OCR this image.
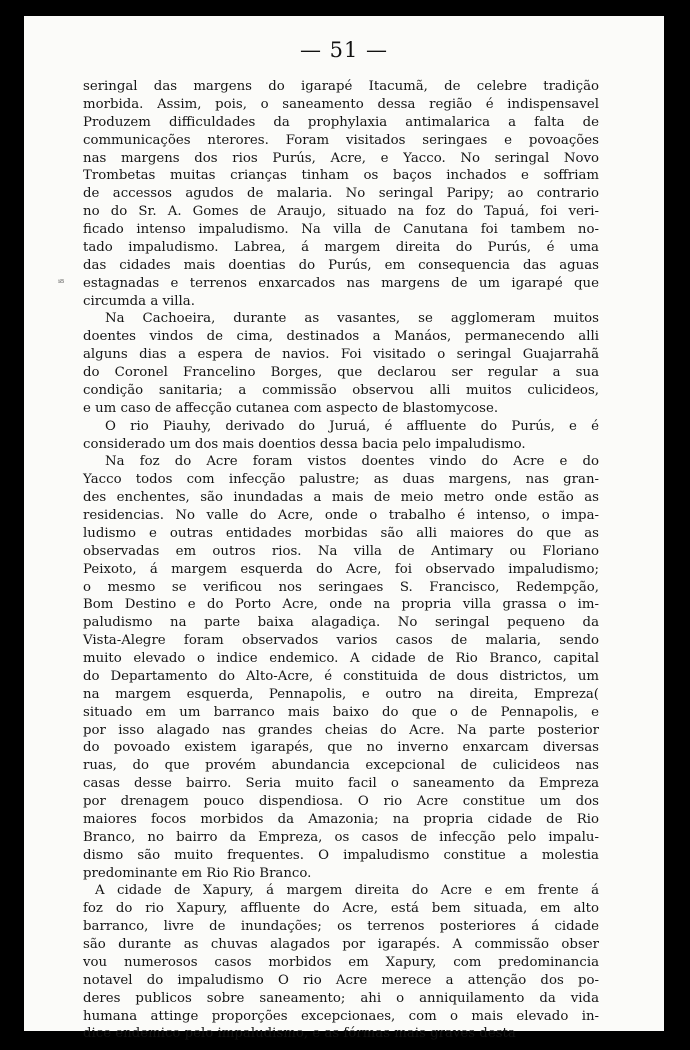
— 51 —
ᵢ₈
seringal das margens do igarapé Itacumã, de celebre tradição
morbida. Assim, pois, o saneamento dessa região é indispensavel
Produzem difficuldades da prophylaxia antimalarica a falta de
communicações nterores. Foram visitados seringaes e povoações
nas margens dos rios Purús, Acre, e Yacco. No seringal Novo
Trombetas muitas crianças tinham os baços inchados e soffriam
de accessos agudos de malaria. No seringal Paripy; ao contrario
no do Sr. A. Gomes de Araujo, situado na foz do Tapuá, foi veri-
ficado intenso impaludismo. Na villa de Canutana foi tambem no-
tado impaludismo. Labrea, á margem direita do Purús, é uma
das cidades mais doentias do Purús, em consequencia das aguas
estagnadas e terrenos enxarcados nas margens de um igarapé que
circumda a villa.
Na Cachoeira, durante as vasantes, se agglomeram muitos
doentes vindos de cima, destinados a Manáos, permanecendo alli
alguns dias a espera de navios. Foi visitado o seringal Guajarrahã
do Coronel Francelino Borges, que declarou ser regular a sua
condição sanitaria; a commissão observou alli muitos culicideos,
e um caso de affecção cutanea com aspecto de blastomycose.
O rio Piauhy, derivado do Juruá, é affluente do Purús, e é
considerado um dos mais doentios dessa bacia pelo impaludismo.
Na foz do Acre foram vistos doentes vindo do Acre e do
Yacco todos com infecção palustre; as duas margens, nas gran-
des enchentes, são inundadas a mais de meio metro onde estão as
residencias. No valle do Acre, onde o trabalho é intenso, o impa-
ludismo e outras entidades morbidas são alli maiores do que as
observadas em outros rios. Na villa de Antimary ou Floriano
Peixoto, á margem esquerda do Acre, foi observado impaludismo;
o mesmo se verificou nos seringaes S. Francisco, Redempção,
Bom Destino e do Porto Acre, onde na propria villa grassa o im-
paludismo na parte baixa alagadiça. No seringal pequeno da
Vista-Alegre foram observados varios casos de malaria, sendo
muito elevado o indice endemico. A cidade de Rio Branco, capital
do Departamento do Alto-Acre, é constituida de dous districtos, um
na margem esquerda, Pennapolis, e outro na direita, Empreza(
situado em um barranco mais baixo do que o de Pennapolis, e
por isso alagado nas grandes cheias do Acre. Na parte posterior
do povoado existem igarapés, que no inverno enxarcam diversas
ruas, do que provém abundancia excepcional de culicideos nas
casas desse bairro. Seria muito facil o saneamento da Empreza
por drenagem pouco dispendiosa. O rio Acre constitue um dos
maiores focos morbidos da Amazonia; na propria cidade de Rio
Branco, no bairro da Empreza, os casos de infecção pelo impalu-
dismo são muito frequentes. O impaludismo constitue a molestia
predominante em Rio Rio Branco.
A cidade de Xapury, á margem direita do Acre e em frente á
foz do rio Xapury, affluente do Acre, está bem situada, em alto
barranco, livre de inundações; os terrenos posteriores á cidade
são durante as chuvas alagados por igarapés. A commissão obser
vou numerosos casos morbidos em Xapury, com predominancia
notavel do impaludismo O rio Acre merece a attenção dos po-
deres publicos sobre saneamento; ahi o anniquilamento da vida
humana attinge proporções excepcionaes, com o mais elevado in-
dice endemico pelo impaludismo, e as fórmas mais graves desta
